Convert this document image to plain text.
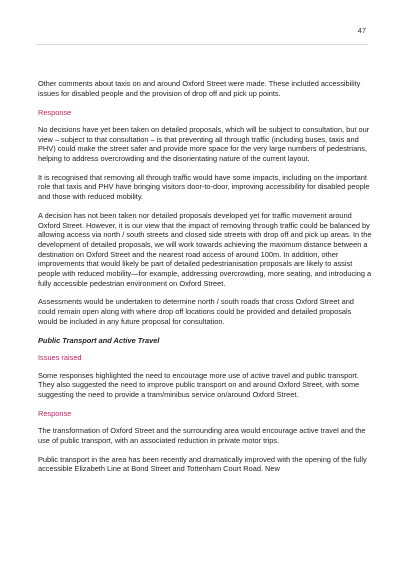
47

Other comments about taxis on and around Oxford Street were made. These included accessibility issues for disabled people and the provision of drop off and pick up points.

Response

No decisions have yet been taken on detailed proposals, which will be subject to consultation, but our view – subject to that consultation – is that preventing all through traffic (including buses, taxis and PHV) could make the street safer and provide more space for the very large numbers of pedestrians, helping to address overcrowding and the disorientating nature of the current layout.

It is recognised that removing all through traffic would have some impacts, including on the important role that taxis and PHV have bringing visitors door-to-door, improving accessibility for disabled people and those with reduced mobility.

A decision has not been taken nor detailed proposals developed yet for traffic movement around Oxford Street. However, it is our view that the impact of removing through traffic could be balanced by allowing access via north / south streets and closed side streets with drop off and pick up areas. In the development of detailed proposals, we will work towards achieving the maximum distance between a destination on Oxford Street and the nearest road access of around 100m. In addition, other improvements that would likely be part of detailed pedestrianisation proposals are likely to assist people with reduced mobility—for example, addressing overcrowding, more seating, and introducing a fully accessible pedestrian environment on Oxford Street.

Assessments would be undertaken to determine north / south roads that cross Oxford Street and could remain open along with where drop off locations could be provided and detailed proposals would be included in any future proposal for consultation.

Public Transport and Active Travel

Issues raised

Some responses highlighted the need to encourage more use of active travel and public transport. They also suggested the need to improve public transport on and around Oxford Street, with some suggesting the need to provide a tram/minibus service on/around Oxford Street.

Response

The transformation of Oxford Street and the surrounding area would encourage active travel and the use of public transport, with an associated reduction in private motor trips.

Public transport in the area has been recently and dramatically improved with the opening of the fully accessible Elizabeth Line at Bond Street and Tottenham Court Road. New
